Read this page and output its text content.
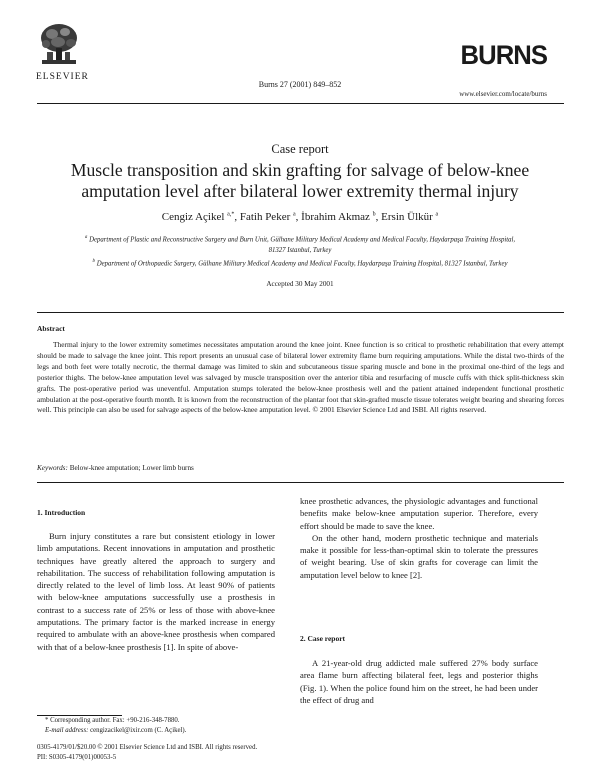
ELSEVIER
Burns 27 (2001) 849–852
BURNS
www.elsevier.com/locate/burns
Case report
Muscle transposition and skin grafting for salvage of below-knee amputation level after bilateral lower extremity thermal injury
Cengiz Açikel $^{a,*}$, Fatih Peker $^a$, İbrahim Akmaz $^b$, Ersin Ülkür $^a$

$^a$ Department of Plastic and Reconstructive Surgery and Burn Unit, Gülhane Military Medical Academy and Medical Faculty, Haydarpaşa Training Hospital, 81327 Istanbul, Turkey

$^b$ Department of Orthopaedic Surgery, Gülhane Military Medical Academy and Medical Faculty, Haydarpaşa Training Hospital, 81327 Istanbul, Turkey

Accepted 30 May 2001
Abstract

Thermal injury to the lower extremity sometimes necessitates amputation around the knee joint. Knee function is so critical to prosthetic rehabilitation that every attempt should be made to salvage the knee joint. This report presents an unusual case of bilateral lower extremity flame burn requiring amputations. While the distal two-thirds of the legs and both feet were totally necrotic, the thermal damage was limited to skin and subcutaneous tissue sparing muscle and bone in the proximal one-third of the legs and posterior thighs. The below-knee amputation level was salvaged by muscle transposition over the anterior tibia and resurfacing of muscle cuffs with thick split-thickness skin grafts. The post-operative period was uneventful. Amputation stumps tolerated the below-knee prosthesis well and the patient attained independent functional prosthetic ambulation at the post-operative fourth month. It is known from the reconstruction of the plantar foot that skin-grafted muscle tissue tolerates weight bearing and shearing forces well. This principle can also be used for salvage aspects of the below-knee amputation level. © 2001 Elsevier Science Ltd and ISBI. All rights reserved.

Keywords: Below-knee amputation; Lower limb burns
1. Introduction

Burn injury constitutes a rare but consistent etiology in lower limb amputations. Recent innovations in amputation and prosthetic techniques have greatly altered the approach to surgery and rehabilitation. The success of rehabilitation following amputation is directly related to the level of limb loss. At least 90% of patients with below-knee amputations successfully use a prosthesis in contrast to a success rate of 25% or less of those with above-knee amputations. The primary factor is the marked increase in energy required to ambulate with an above-knee prosthesis when compared with that of a below-knee prosthesis [1]. In spite of above-

knee prosthetic advances, the physiologic advantages and functional benefits make below-knee amputation superior. Therefore, every effort should be made to save the knee.

On the other hand, modern prosthetic technique and materials make it possible for less-than-optimal skin to tolerate the pressures of weight bearing. Use of skin grafts for coverage can limit the amputation level below to knee [2].

2. Case report

A 21-year-old drug addicted male suffered 27% body surface area flame burn affecting bilateral feet, legs and posterior thighs (Fig. 1). When the police found him on the street, he had been under the effect of drug and

* Corresponding author. Fax: +90-216-348-7880.
E-mail address: cengizacikel@ixir.com (C. Açikel).
0305-4179/01/$20.00 © 2001 Elsevier Science Ltd and ISBI. All rights reserved.
PII: S0305-4179(01)00053-5
